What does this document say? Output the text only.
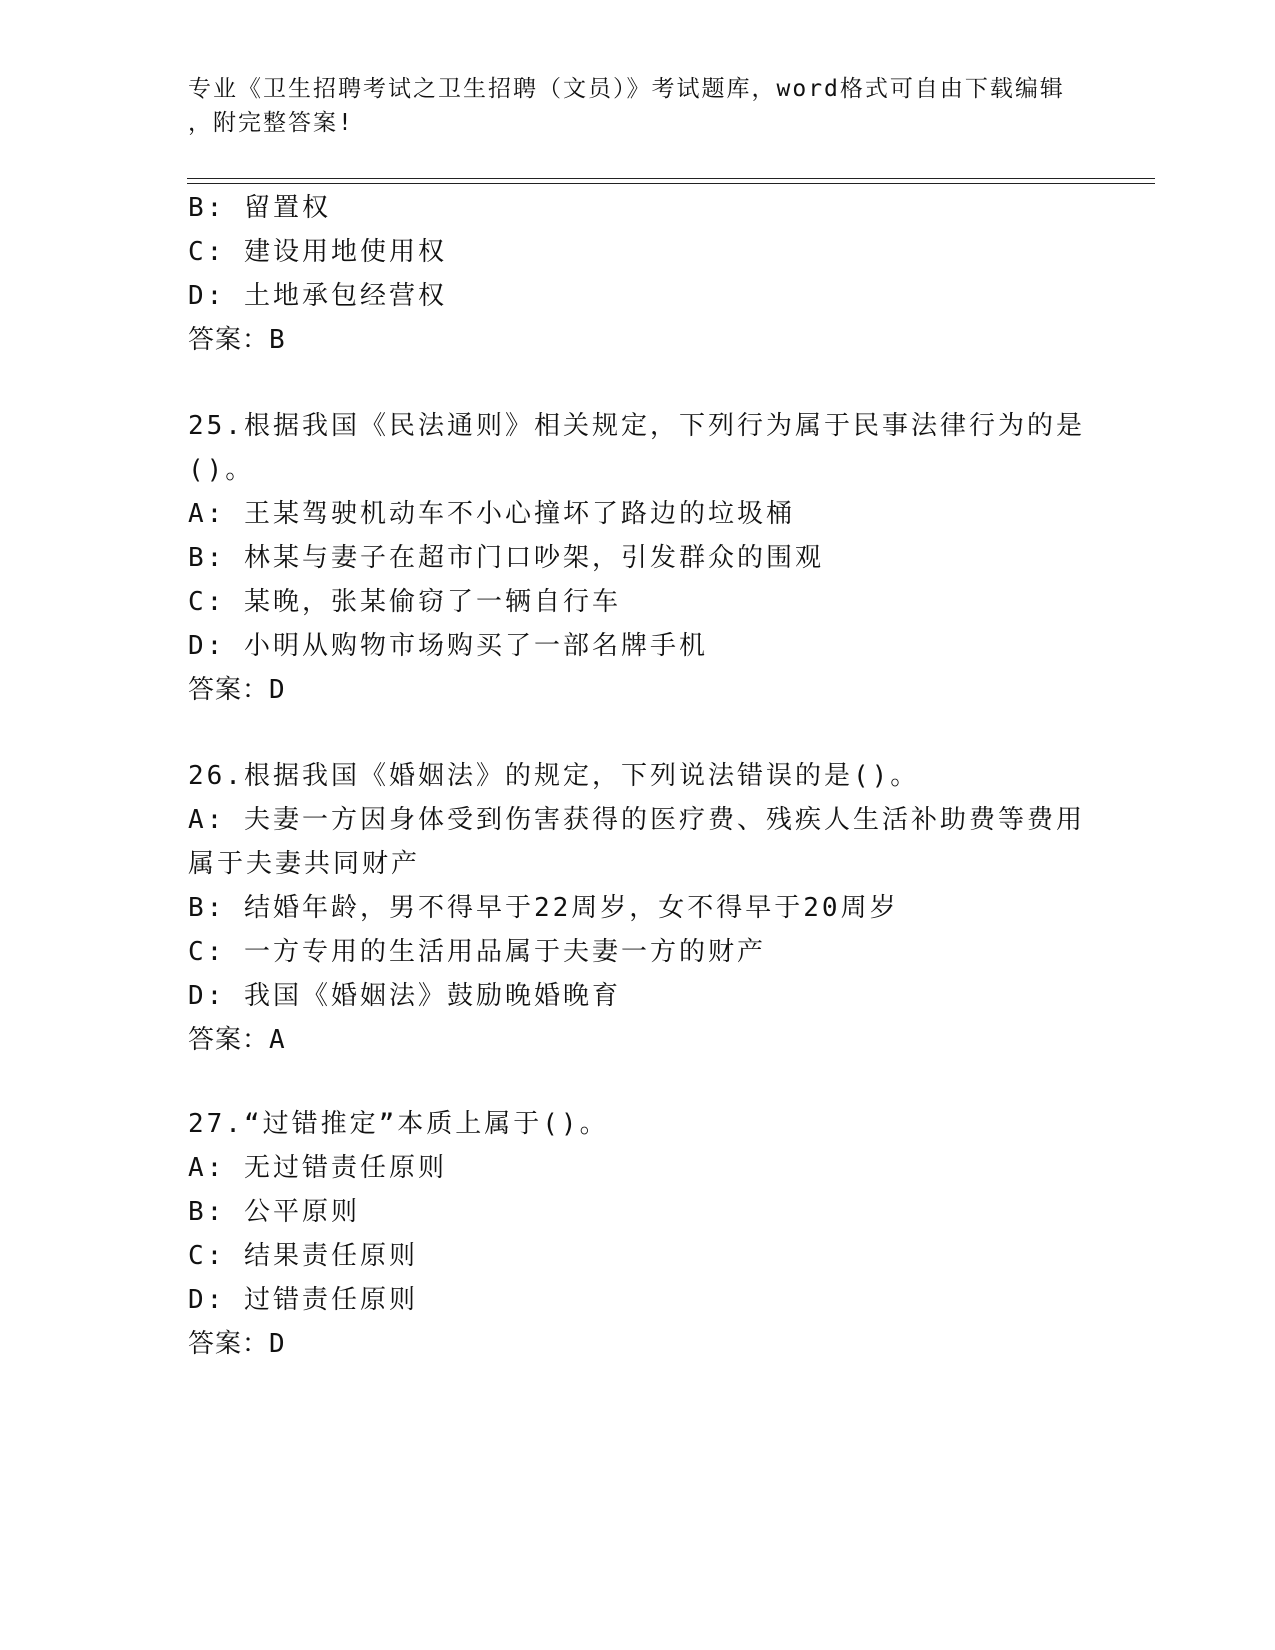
专业《卫生招聘考试之卫生招聘（文员）》考试题库，word格式可自由下载编辑

，附完整答案!

B: 留置权
C: 建设用地使用权
D: 土地承包经营权
答案：B
25.根据我国《民法通则》相关规定，下列行为属于民事法律行为的是
()。
A: 王某驾驶机动车不小心撞坏了路边的垃圾桶
B: 林某与妻子在超市门口吵架，引发群众的围观
C: 某晚，张某偷窃了一辆自行车
D: 小明从购物市场购买了一部名牌手机
答案：D
26.根据我国《婚姻法》的规定，下列说法错误的是()。
A: 夫妻一方因身体受到伤害获得的医疗费、残疾人生活补助费等费用
属于夫妻共同财产
B: 结婚年龄，男不得早于22周岁，女不得早于20周岁
C: 一方专用的生活用品属于夫妻一方的财产
D: 我国《婚姻法》鼓励晚婚晚育
答案：A
27.“过错推定”本质上属于()。
A: 无过错责任原则
B: 公平原则
C: 结果责任原则
D: 过错责任原则
答案：D
